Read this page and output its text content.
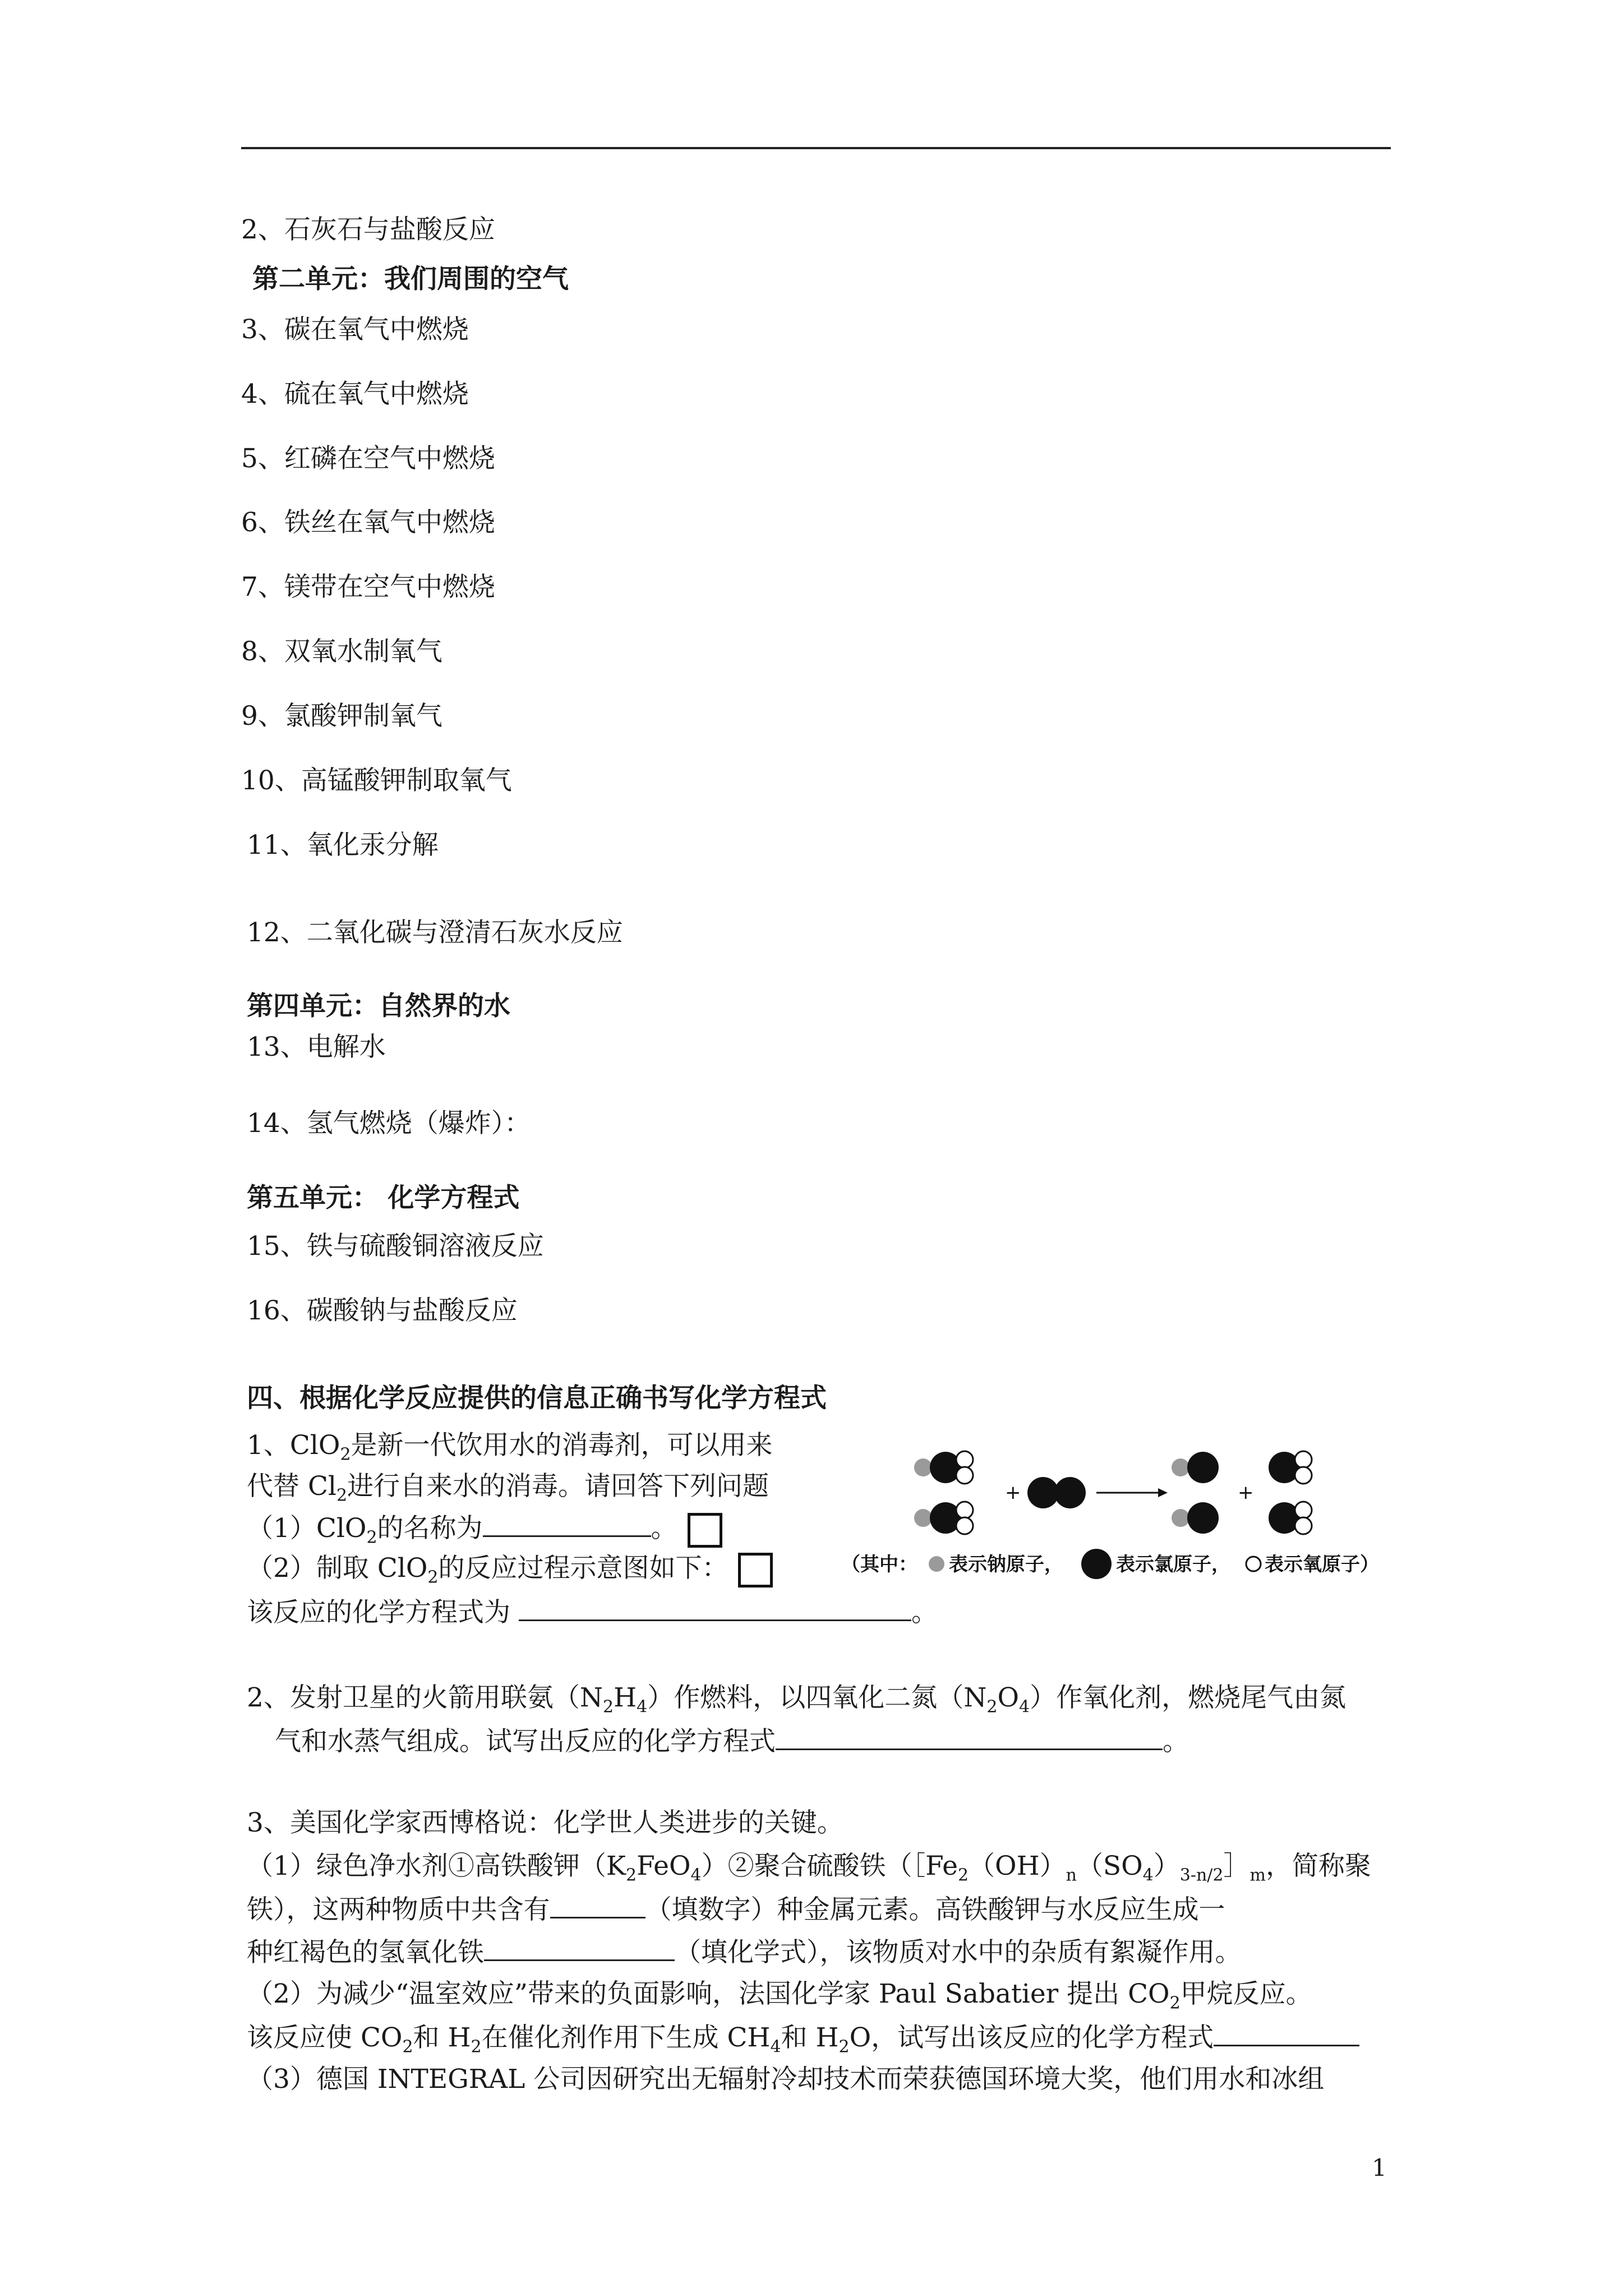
2、石灰石与盐酸反应
第二单元：我们周围的空气
3、碳在氧气中燃烧
4、硫在氧气中燃烧
5、红磷在空气中燃烧
6、铁丝在氧气中燃烧
7、镁带在空气中燃烧
8、双氧水制氧气
9、氯酸钾制氧气
10、高锰酸钾制取氧气
11、氧化汞分解
12、二氧化碳与澄清石灰水反应
第四单元：自然界的水
13、电解水
14、氢气燃烧（爆炸）：
第五单元： 化学方程式
15、铁与硫酸铜溶液反应
16、碳酸钠与盐酸反应
四、根据化学反应提供的信息正确书写化学方程式
1、ClO$_2$是新一代饮用水的消毒剂，可以用来
代替 $Cl_2$进行自来水的消毒。请回答下列问题
（1）ClO$_2$的名称为	。
（2）制取 ClO$_2$的反应过程示意图如下：
该反应的化学方程式为	。
+	+
（其中： 表示钠原子，	表示氯原子， 表示氧原子）
2、发射卫星的火箭用联氨$(N_2H_4)$作燃料，以四氧化二氮$(N_2O_4)$作氧化剂，燃烧尾气由氮
气和水蒸气组成。试写出反应的化学方程式	。
3、美国化学家西博格说：化学世人类进步的关键。
（1）绿色净水剂①高铁酸钾$(K_2FeO_4)②$聚合硫酸铁（$[Fe_2(OH)_n(SO_4)_{3-n/2}]_m$，简称聚
铁），这两种物质中共含有	（填数字）种金属元素。高铁酸钾与水反应生成一
种红褐色的氢氧化铁	（填化学式），该物质对水中的杂质有絮凝作用。
（2）为减少“温室效应”带来的负面影响，法国化学家 Paul Sabatier 提出 $CO_2$甲烷反应。
该反应使 $CO_2$和 $H_2$在催化剂作用下生成 $CH_4$和 $H_2O$，试写出该反应的化学方程式
（3）德国 INTEGRAL 公司因研究出无辐射冷却技术而荣获德国环境大奖，他们用水和冰组
1
